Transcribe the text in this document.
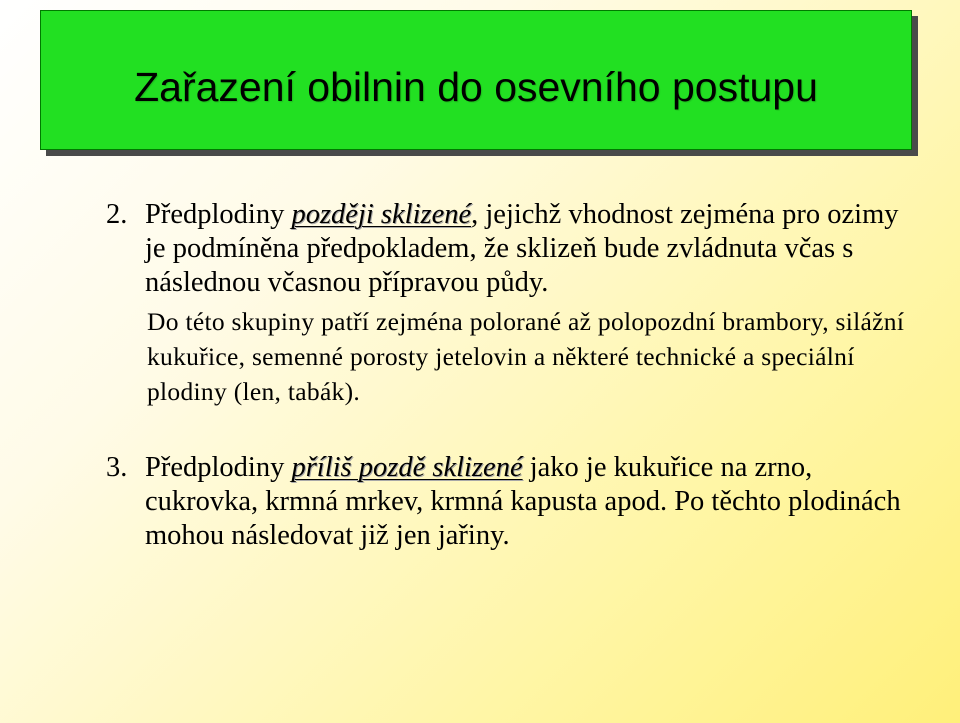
Zařazení obilnin do osevního postupu

2. Předplodiny později sklizené, jejichž vhodnost zejména pro ozimy je podmíněna předpokladem, že sklizeň bude zvládnuta včas s následnou včasnou přípravou půdy.

Do této skupiny patří zejména polorané až polopozdní brambory, silážní kukuřice, semenné porosty jetelovin a některé technické a speciální plodiny (len, tabák).

3. Předplodiny příliš pozdě sklizené jako je kukuřice na zrno, cukrovka, krmná mrkev, krmná kapusta apod. Po těchto plodinách mohou následovat již jen jařiny.
